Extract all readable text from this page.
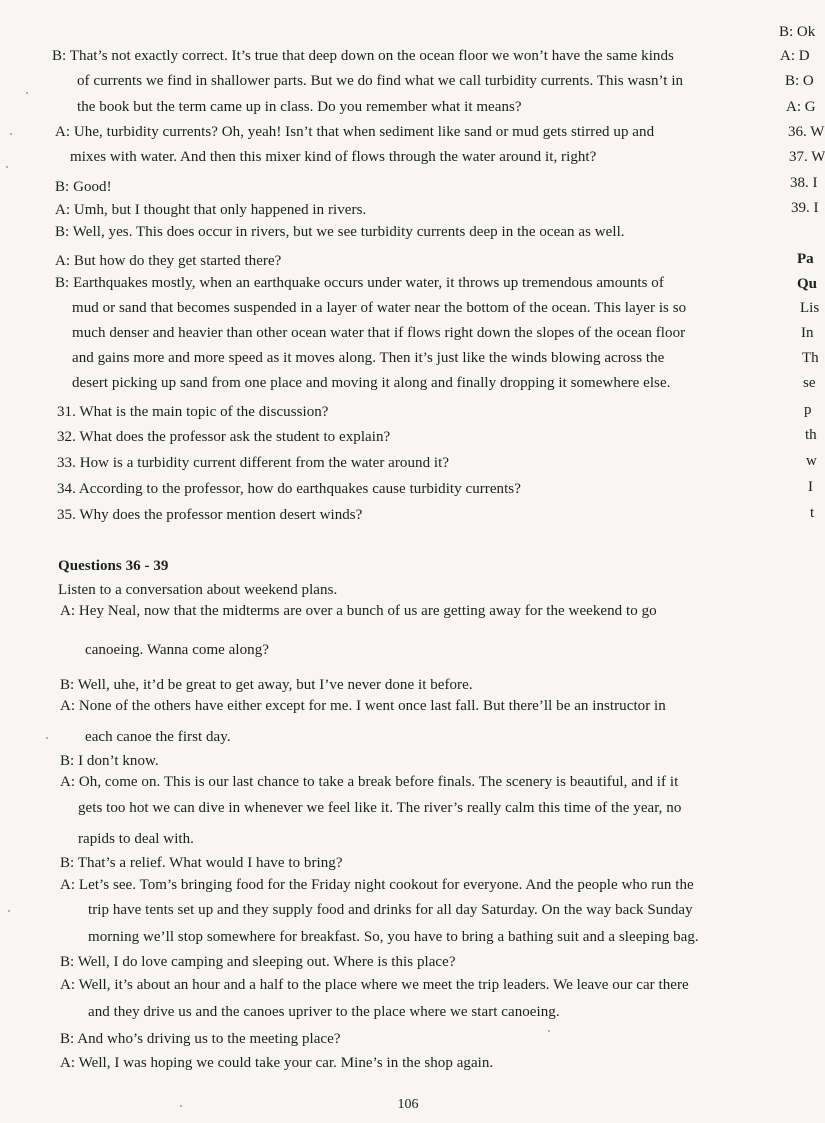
B: That’s not exactly correct. It’s true that deep down on the ocean floor we won’t have the same kinds
of currents we find in shallower parts. But we do find what we call turbidity currents. This wasn’t in
the book but the term came up in class. Do you remember what it means?
A: Uhe, turbidity currents? Oh, yeah! Isn’t that when sediment like sand or mud gets stirred up and
mixes with water. And then this mixer kind of flows through the water around it, right?
B: Good!
A: Umh, but I thought that only happened in rivers.
B: Well, yes. This does occur in rivers, but we see turbidity currents deep in the ocean as well.
A: But how do they get started there?
B: Earthquakes mostly, when an earthquake occurs under water, it throws up tremendous amounts of
mud or sand that becomes suspended in a layer of water near the bottom of the ocean. This layer is so
much denser and heavier than other ocean water that if flows right down the slopes of the ocean floor
and gains more and more speed as it moves along. Then it’s just like the winds blowing across the
desert picking up sand from one place and moving it along and finally dropping it somewhere else.
31. What is the main topic of the discussion?
32. What does the professor ask the student to explain?
33. How is a turbidity current different from the water around it?
34. According to the professor, how do earthquakes cause turbidity currents?
35. Why does the professor mention desert winds?
Questions 36 - 39
Listen to a conversation about weekend plans.
A: Hey Neal, now that the midterms are over a bunch of us are getting away for the weekend to go
canoeing. Wanna come along?
B: Well, uhe, it’d be great to get away, but I’ve never done it before.
A: None of the others have either except for me. I went once last fall. But there’ll be an instructor in
each canoe the first day.
B: I don’t know.
A: Oh, come on. This is our last chance to take a break before finals. The scenery is beautiful, and if it
gets too hot we can dive in whenever we feel like it. The river’s really calm this time of the year, no
rapids to deal with.
B: That’s a relief. What would I have to bring?
A: Let’s see. Tom’s bringing food for the Friday night cookout for everyone. And the people who run the
trip have tents set up and they supply food and drinks for all day Saturday. On the way back Sunday
morning we’ll stop somewhere for breakfast. So, you have to bring a bathing suit and a sleeping bag.
B: Well, I do love camping and sleeping out. Where is this place?
A: Well, it’s about an hour and a half to the place where we meet the trip leaders. We leave our car there
and they drive us and the canoes upriver to the place where we start canoeing.
B: And who’s driving us to the meeting place?
A: Well, I was hoping we could take your car. Mine’s in the shop again.
B: Ok
A: D
B: O
A: G
36. W
37. W
38. I
39. I
Pa
Qu
Lis
In
Th
se
p
th
w
I
t
106
